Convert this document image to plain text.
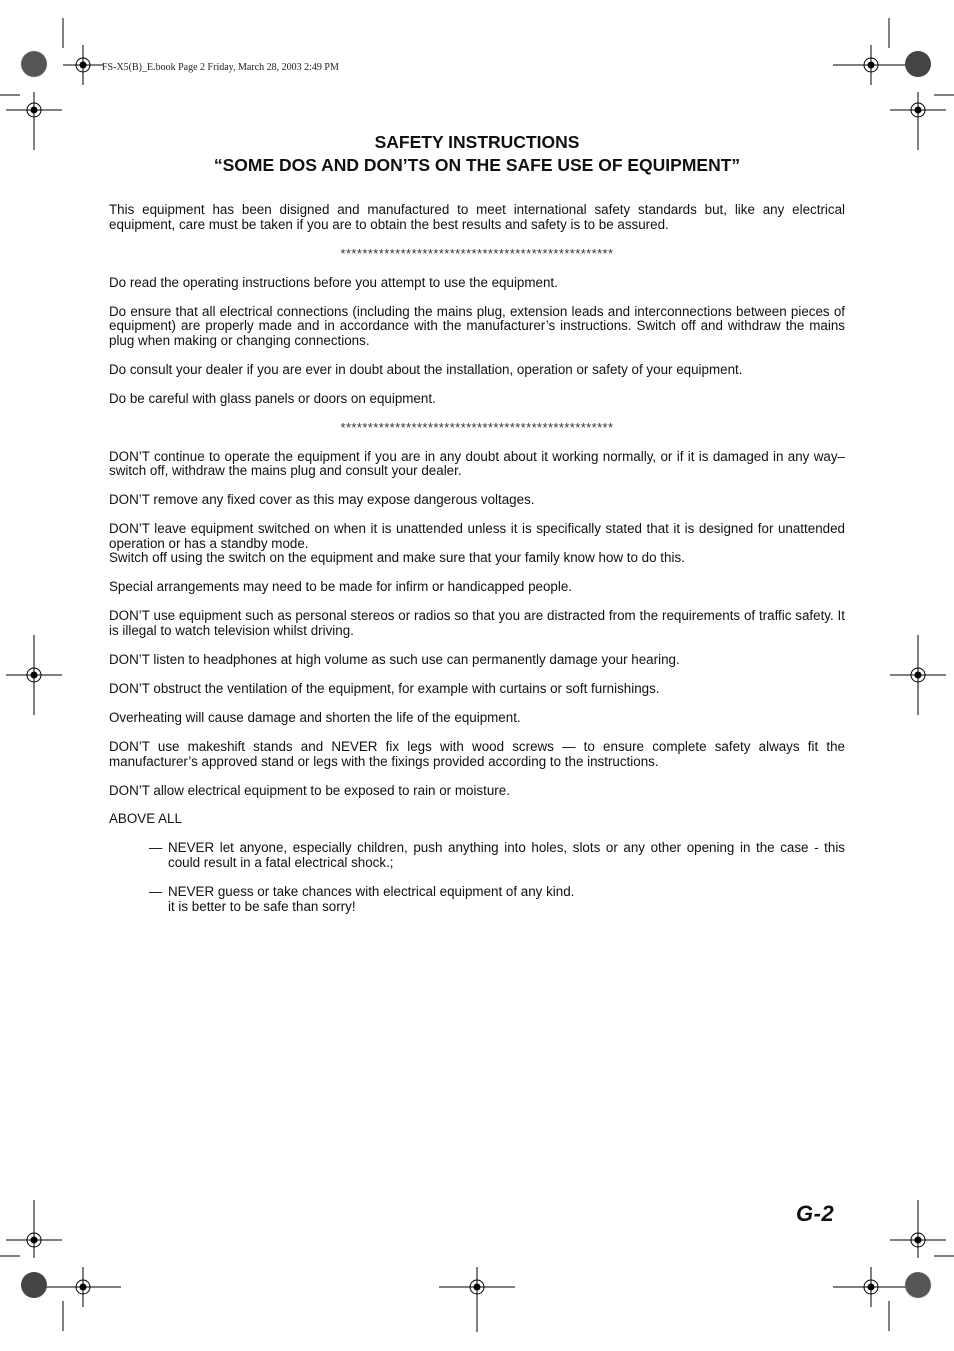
FS-X5(B)_E.book Page 2 Friday, March 28, 2003 2:49 PM
SAFETY INSTRUCTIONS
“SOME DOS AND DON’TS ON THE SAFE USE OF EQUIPMENT”

This equipment has been disigned and manufactured to meet international safety standards but, like any electrical equipment, care must be taken if you are to obtain the best results and safety is to be assured.

**************************************************

Do read the operating instructions before you attempt to use the equipment.

Do ensure that all electrical connections (including the mains plug, extension leads and interconnections between pieces of equipment) are properly made and in accordance with the manufacturer’s instructions. Switch off and withdraw the mains plug when making or changing connections.

Do consult your dealer if you are ever in doubt about the installation, operation or safety of your equipment.

Do be careful with glass panels or doors on equipment.

**************************************************

DON’T continue to operate the equipment if you are in any doubt about it working normally, or if it is damaged in any way–switch off, withdraw the mains plug and consult your dealer.

DON’T remove any fixed cover as this may expose dangerous voltages.

DON’T leave equipment switched on when it is unattended unless it is specifically stated that it is designed for unattended operation or has a standby mode.
Switch off using the switch on the equipment and make sure that your family know how to do this.

Special arrangements may need to be made for infirm or handicapped people.

DON’T use equipment such as personal stereos or radios so that you are distracted from the requirements of traffic safety. It is illegal to watch television whilst driving.

DON’T listen to headphones at high volume as such use can permanently damage your hearing.

DON’T obstruct the ventilation of the equipment, for example with curtains or soft furnishings.

Overheating will cause damage and shorten the life of the equipment.

DON’T use makeshift stands and NEVER fix legs with wood screws — to ensure complete safety always fit the manufacturer’s approved stand or legs with the fixings provided according to the instructions.

DON’T allow electrical equipment to be exposed to rain or moisture.

ABOVE ALL

— NEVER let anyone, especially children, push anything into holes, slots or any other opening in the case - this could result in a fatal electrical shock.;
— NEVER guess or take chances with electrical equipment of any kind.
it is better to be safe than sorry!
G-2
